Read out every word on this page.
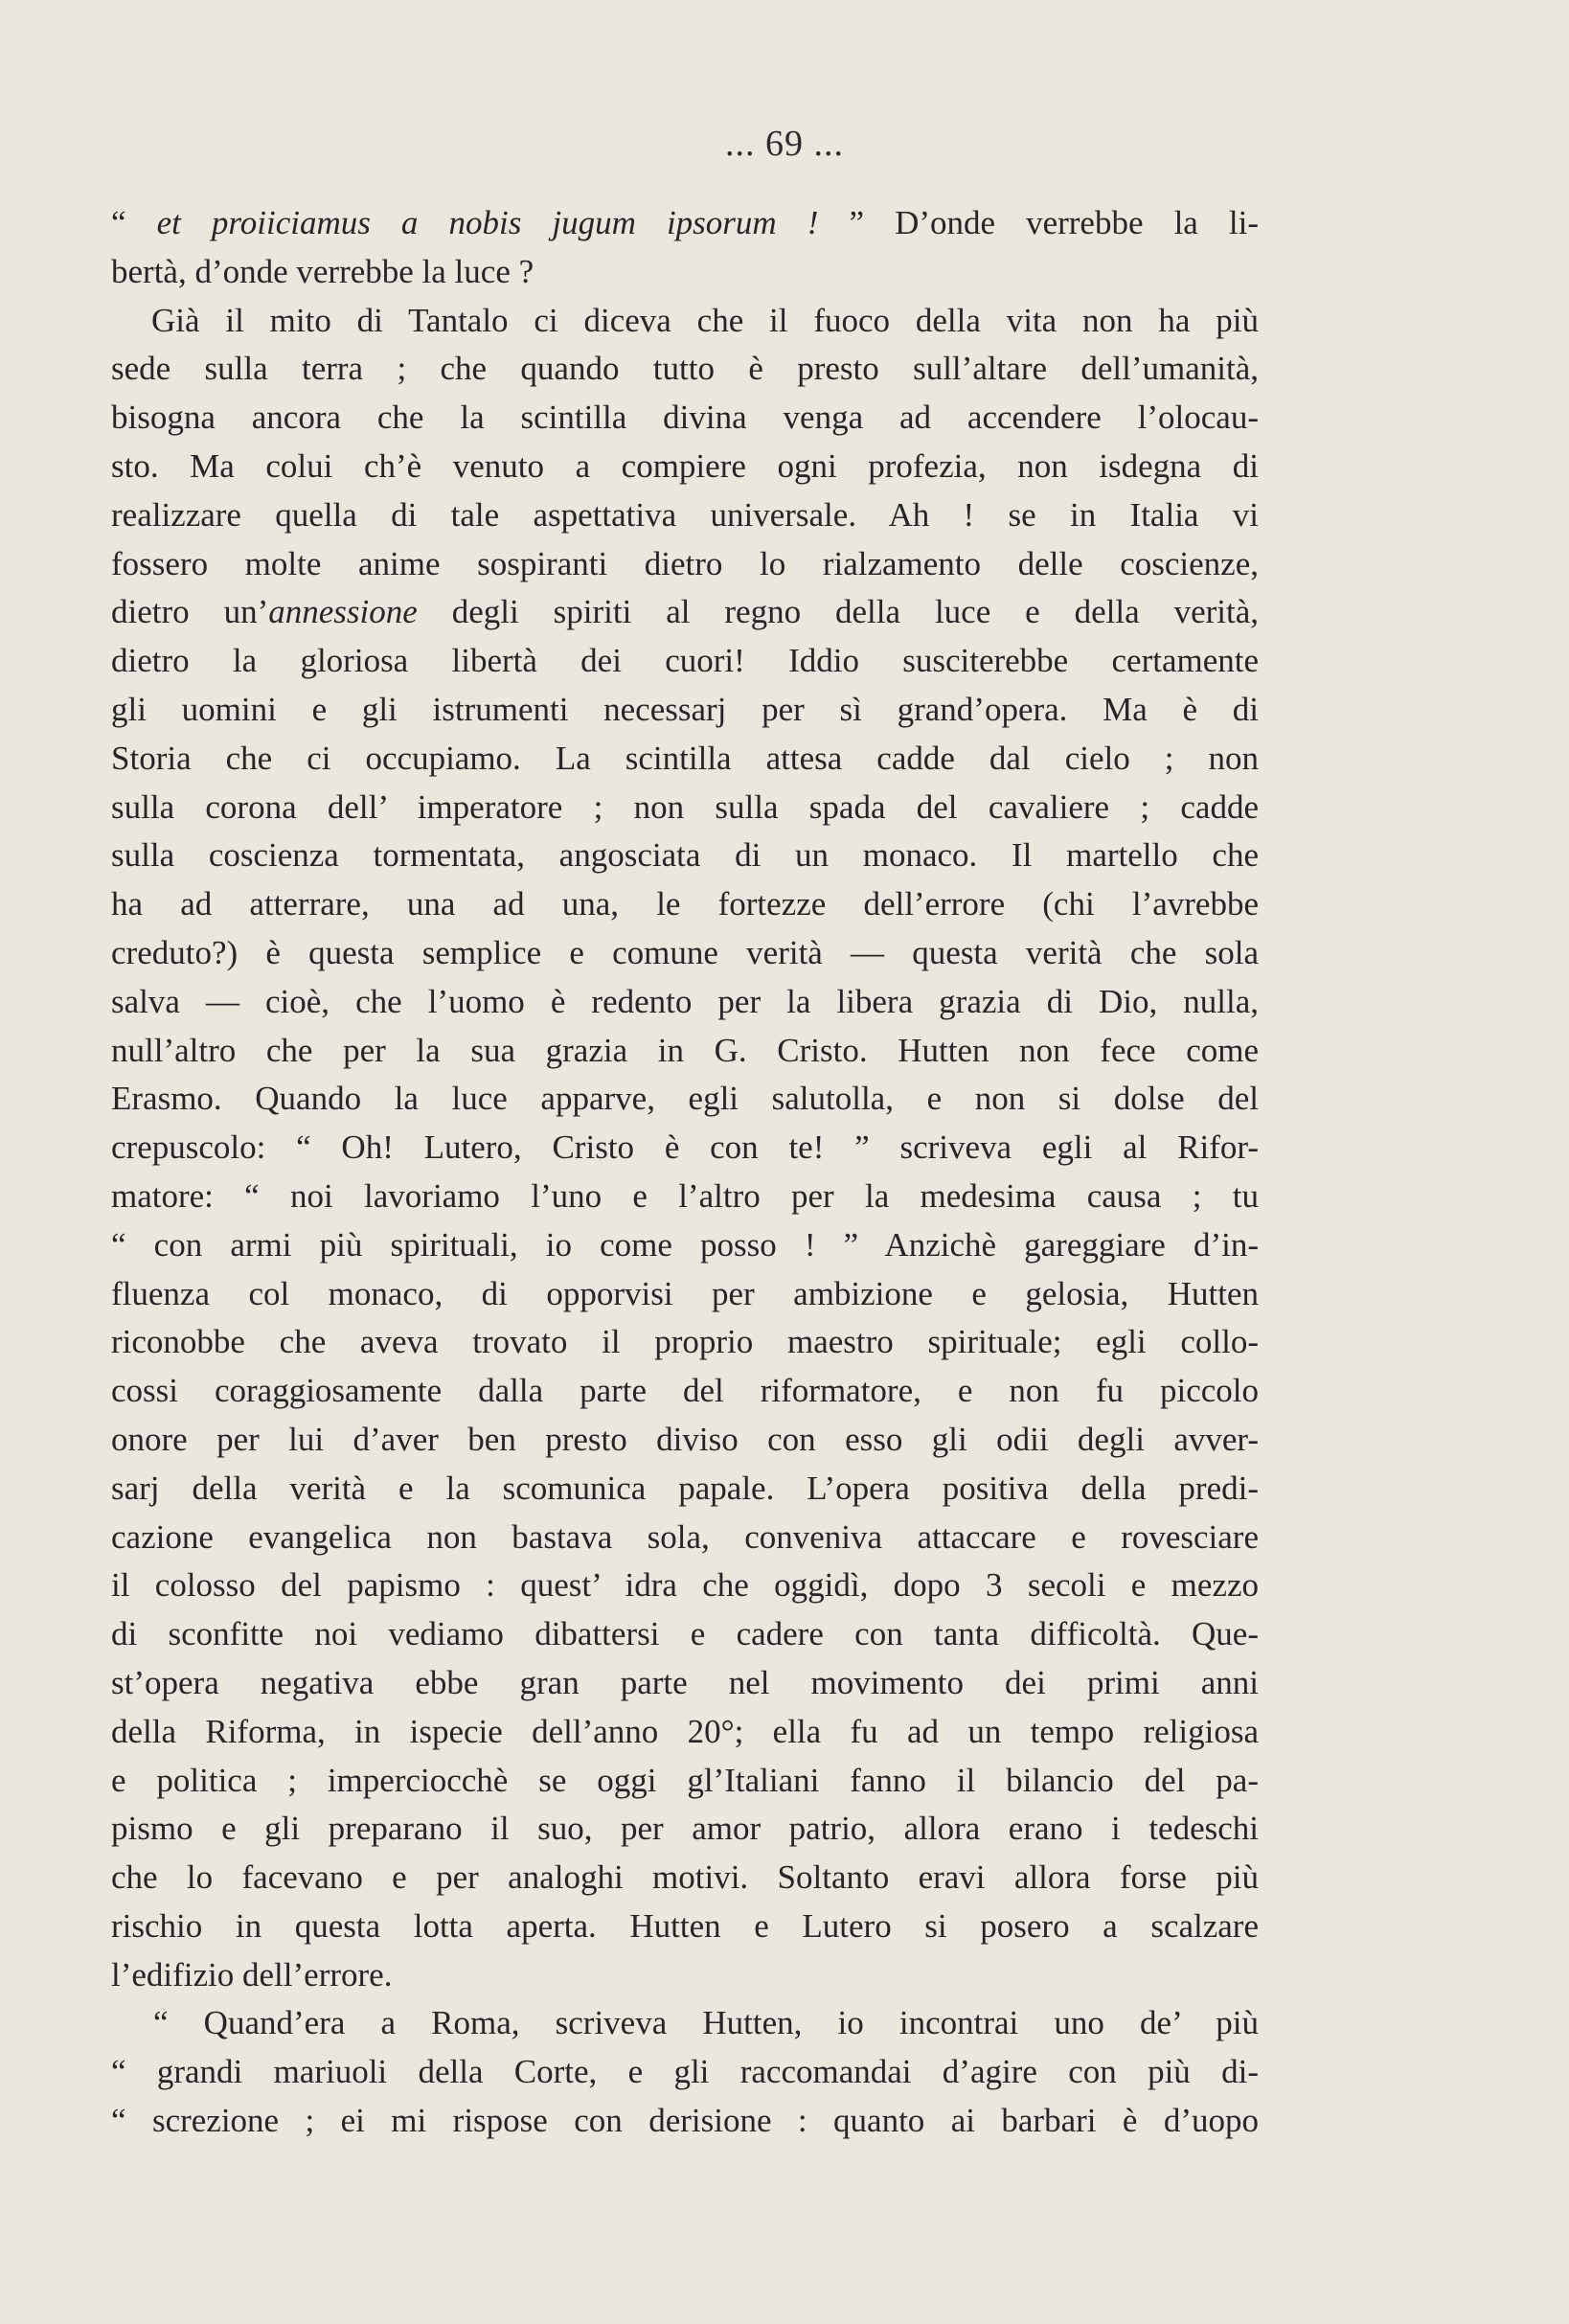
... 69 ...

“ et proiiciamus a nobis jugum ipsorum ! ” D’onde verrebbe la li-

bertà, d’onde verrebbe la luce ?

Già il mito di Tantalo ci diceva che il fuoco della vita non ha più

sede sulla terra ; che quando tutto è presto sull’altare dell’umanità,

bisogna ancora che la scintilla divina venga ad accendere l’olocau-

sto. Ma colui ch’è venuto a compiere ogni profezia, non isdegna di

realizzare quella di tale aspettativa universale. Ah ! se in Italia vi

fossero molte anime sospiranti dietro lo rialzamento delle coscienze,

dietro un’annessione degli spiriti al regno della luce e della verità,

dietro la gloriosa libertà dei cuori! Iddio susciterebbe certamente

gli uomini e gli istrumenti necessarj per sì grand’opera. Ma è di

Storia che ci occupiamo. La scintilla attesa cadde dal cielo ; non

sulla corona dell’ imperatore ; non sulla spada del cavaliere ; cadde

sulla coscienza tormentata, angosciata di un monaco. Il martello che

ha ad atterrare, una ad una, le fortezze dell’errore (chi l’avrebbe

creduto?) è questa semplice e comune verità — questa verità che sola

salva — cioè, che l’uomo è redento per la libera grazia di Dio, nulla,

null’altro che per la sua grazia in G. Cristo. Hutten non fece come

Erasmo. Quando la luce apparve, egli salutolla, e non si dolse del

crepuscolo: “ Oh! Lutero, Cristo è con te! ” scriveva egli al Rifor-

matore: “ noi lavoriamo l’uno e l’altro per la medesima causa ; tu

“ con armi più spirituali, io come posso ! ” Anzichè gareggiare d’in-

fluenza col monaco, di opporvisi per ambizione e gelosia, Hutten

riconobbe che aveva trovato il proprio maestro spirituale; egli collo-

cossi coraggiosamente dalla parte del riformatore, e non fu piccolo

onore per lui d’aver ben presto diviso con esso gli odii degli avver-

sarj della verità e la scomunica papale. L’opera positiva della predi-

cazione evangelica non bastava sola, conveniva attaccare e rovesciare

il colosso del papismo : quest’ idra che oggidì, dopo 3 secoli e mezzo

di sconfitte noi vediamo dibattersi e cadere con tanta difficoltà. Que-

st’opera negativa ebbe gran parte nel movimento dei primi anni

della Riforma, in ispecie dell’anno 20°; ella fu ad un tempo religiosa

e politica ; imperciocchè se oggi gl’Italiani fanno il bilancio del pa-

pismo e gli preparano il suo, per amor patrio, allora erano i tedeschi

che lo facevano e per analoghi motivi. Soltanto eravi allora forse più

rischio in questa lotta aperta. Hutten e Lutero si posero a scalzare

l’edifizio dell’errore.

“ Quand’era a Roma, scriveva Hutten, io incontrai uno de’ più

“ grandi mariuoli della Corte, e gli raccomandai d’agire con più di-

“ screzione ; ei mi rispose con derisione : quanto ai barbari è d’uopo
